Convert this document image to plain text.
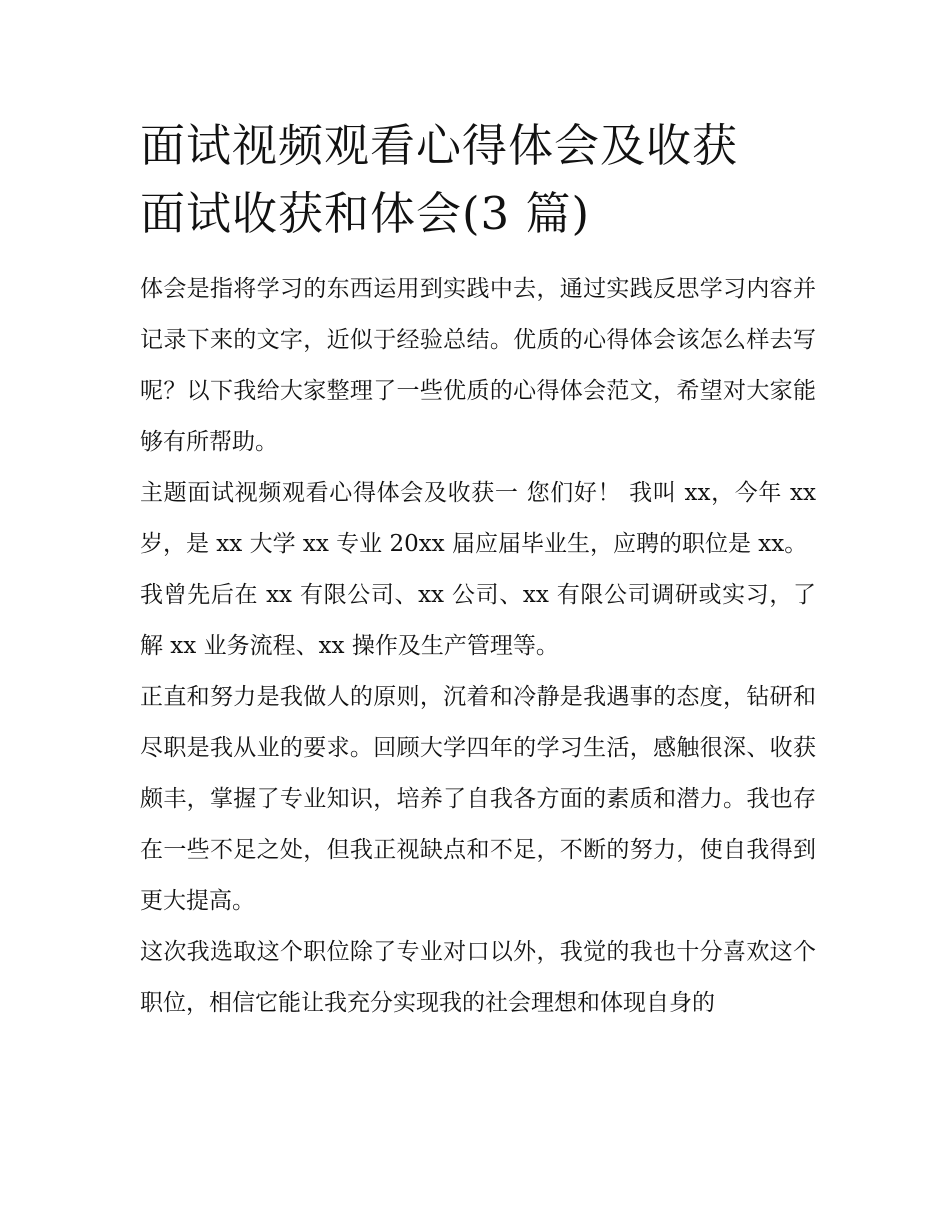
面试视频观看心得体会及收获
面试收获和体会(3 篇)

体会是指将学习的东西运用到实践中去，通过实践反思学习内容并记录下来的文字，近似于经验总结。优质的心得体会该怎么样去写呢？以下我给大家整理了一些优质的心得体会范文，希望对大家能够有所帮助。

主题面试视频观看心得体会及收获一 您们好！ 我叫 xx，今年 xx 岁，是 xx 大学 xx 专业 20xx 届应届毕业生，应聘的职位是 xx。

我曾先后在 xx 有限公司、xx 公司、xx 有限公司调研或实习，了解 xx 业务流程、xx 操作及生产管理等。

正直和努力是我做人的原则，沉着和冷静是我遇事的态度，钻研和尽职是我从业的要求。回顾大学四年的学习生活，感触很深、收获颇丰，掌握了专业知识，培养了自我各方面的素质和潜力。我也存在一些不足之处，但我正视缺点和不足，不断的努力，使自我得到更大提高。

这次我选取这个职位除了专业对口以外，我觉的我也十分喜欢这个职位，相信它能让我充分实现我的社会理想和体现自身的
